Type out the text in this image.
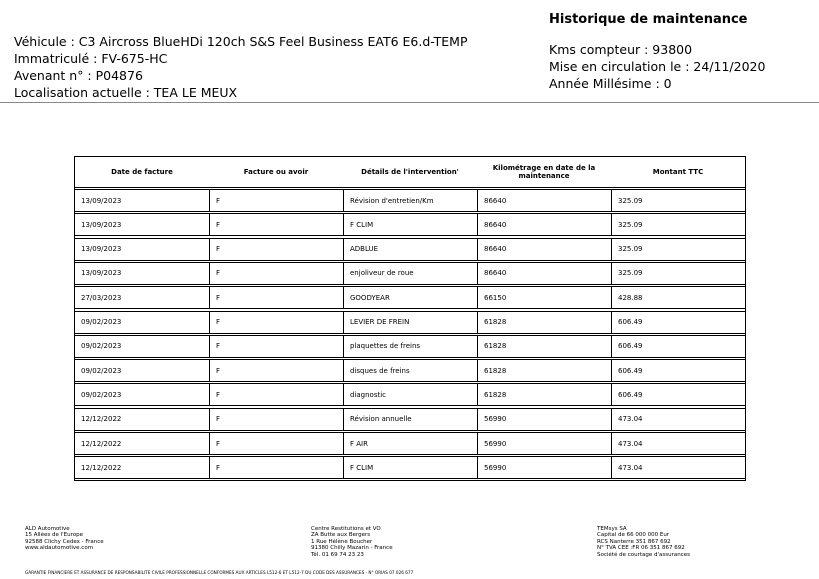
Véhicule : C3 Aircross BlueHDi 120ch S&S Feel Business EAT6 E6.d-TEMP
Immatriculé : FV-675-HC
Avenant n° : P04876
Localisation actuelle : TEA LE MEUX
Historique de maintenance
Kms compteur : 93800
Mise en circulation le : 24/11/2020
Année Millésime : 0
Date de facture	Facture ou avoir	Détails de l'intervention'	Kilométrage en date de la maintenance	Montant TTC
13/09/2023	F	Révision d'entretien/Km	86640	325.09
13/09/2023	F	F CLIM	86640	325.09
13/09/2023	F	ADBLUE	86640	325.09
13/09/2023	F	enjoliveur de roue	86640	325.09
27/03/2023	F	GOODYEAR	66150	428.88
09/02/2023	F	LEVIER DE FREIN	61828	606.49
09/02/2023	F	plaquettes de freins	61828	606.49
09/02/2023	F	disques de freins	61828	606.49
09/02/2023	F	diagnostic	61828	606.49
12/12/2022	F	Révision annuelle	56990	473.04
12/12/2022	F	F AIR	56990	473.04
12/12/2022	F	F CLIM	56990	473.04
ALD Automotive
15 Allées de l'Europe
92588 Clichy Cedex - France
www.aldautomotive.com
Centre Restitutions et VO
ZA Butte aux Bergers
1 Rue Hélène Boucher
91380 Chilly Mazarin - France
Tél. 01 69 74 23 23
TEMsys SA
Capital de 66 000 000 Eur
RCS Nanterre 351 867 692
N° TVA CEE :FR 06 351 867 692
Société de courtage d'assurances
GARANTIE FINANCIERE ET ASSURANCE DE RESPONSABILITE CIVILE PROFESSIONNELLE CONFORMES AUX ARTICLES L512-6 ET L512-7 DU CODE DES ASSURANCES - N° ORIAS 07 026 677
